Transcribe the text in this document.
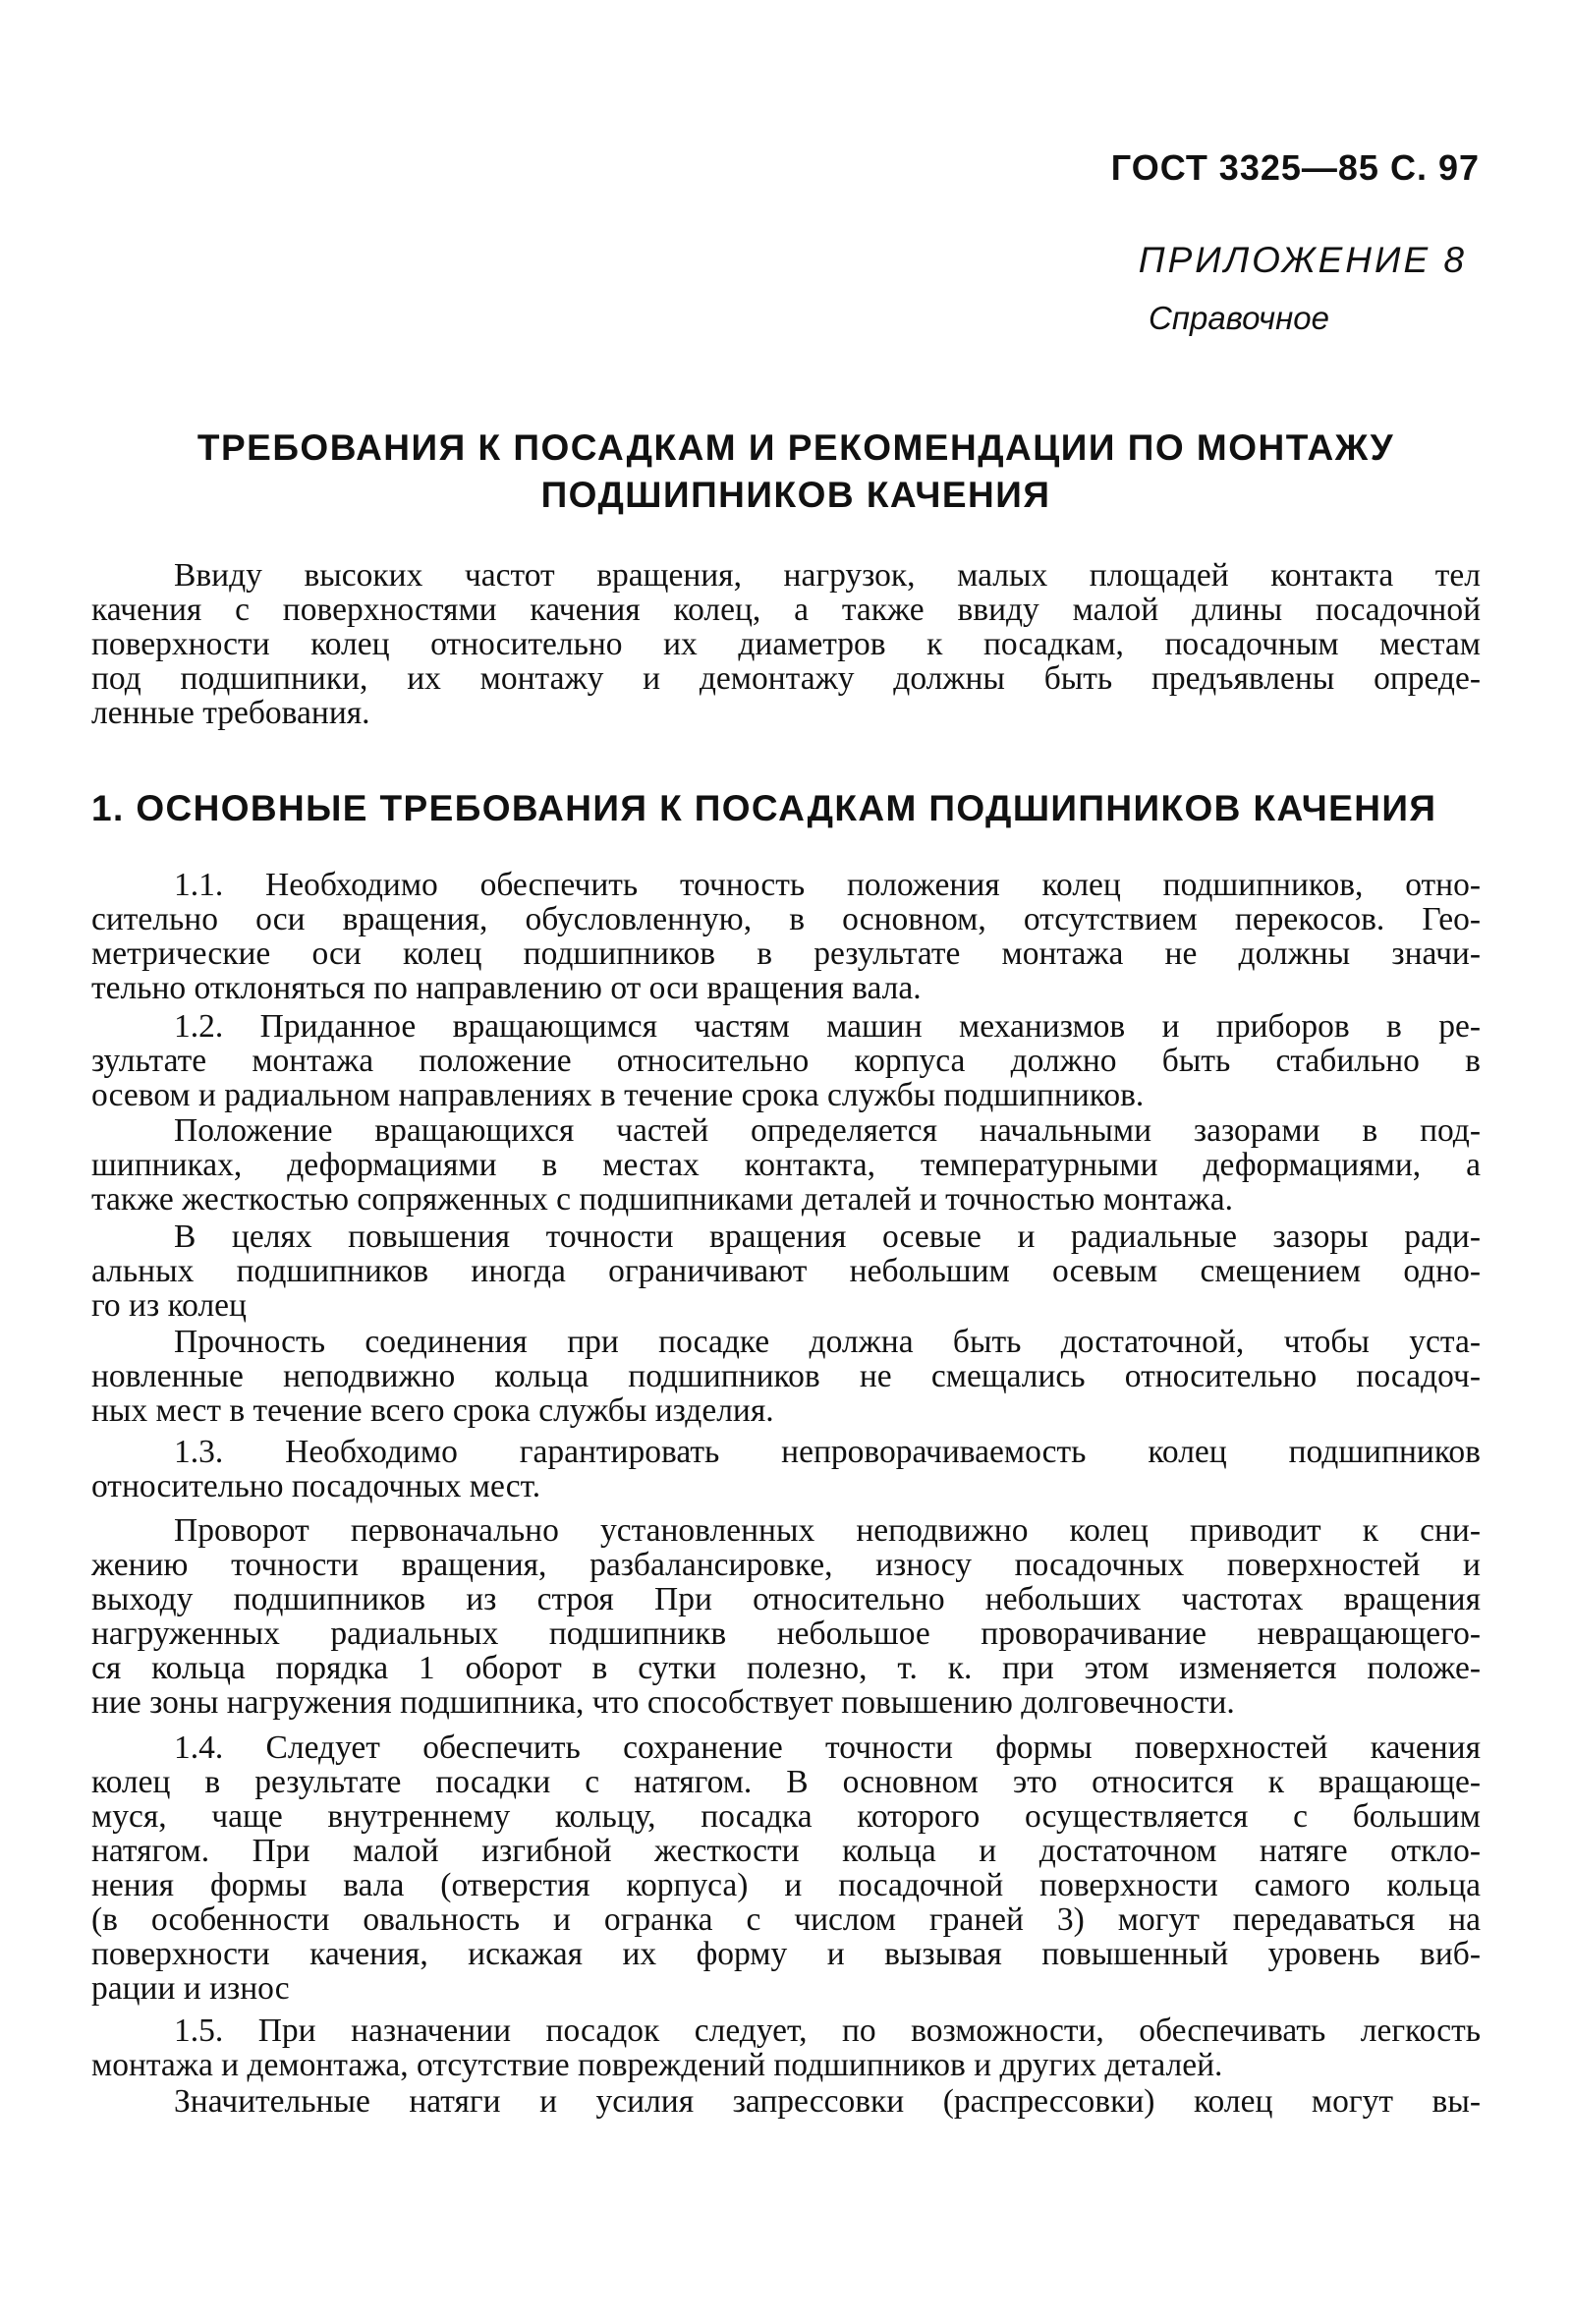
ГОСТ 3325—85 С. 97
ПРИЛОЖЕНИЕ 8
Справочное
ТРЕБОВАНИЯ К ПОСАДКАМ И РЕКОМЕНДАЦИИ ПО МОНТАЖУ
ПОДШИПНИКОВ КАЧЕНИЯ
Ввиду высоких частот вращения, нагрузок, малых площадей контакта тел
качения с поверхностями качения колец, а также ввиду малой длины посадочной
поверхности колец относительно их диаметров к посадкам, посадочным местам
под подшипники, их монтажу и демонтажу должны быть предъявлены опреде-
ленные требования.
1. ОСНОВНЫЕ ТРЕБОВАНИЯ К ПОСАДКАМ ПОДШИПНИКОВ КАЧЕНИЯ
1.1. Необходимо обеспечить точность положения колец подшипников, отно-
сительно оси вращения, обусловленную, в основном, отсутствием перекосов. Гео-
метрические оси колец подшипников в результате монтажа не должны значи-
тельно отклоняться по направлению от оси вращения вала.
1.2. Приданное вращающимся частям машин механизмов и приборов в ре-
зультате монтажа положение относительно корпуса должно быть стабильно в
осевом и радиальном направлениях в течение срока службы подшипников.
Положение вращающихся частей определяется начальными зазорами в под-
шипниках, деформациями в местах контакта, температурными деформациями, а
также жесткостью сопряженных с подшипниками деталей и точностью монтажа.
В целях повышения точности вращения осевые и радиальные зазоры ради-
альных подшипников иногда ограничивают небольшим осевым смещением одно-
го из колец
Прочность соединения при посадке должна быть достаточной, чтобы уста-
новленные неподвижно кольца подшипников не смещались относительно посадоч-
ных мест в течение всего срока службы изделия.
1.3. Необходимо гарантировать непроворачиваемость колец подшипников
относительно посадочных мест.
Проворот первоначально установленных неподвижно колец приводит к сни-
жению точности вращения, разбалансировке, износу посадочных поверхностей и
выходу подшипников из строя При относительно небольших частотах вращения
нагруженных радиальных подшипникв небольшое проворачивание невращающего-
ся кольца порядка 1 оборот в сутки полезно, т. к. при этом изменяется положе-
ние зоны нагружения подшипника, что способствует повышению долговечности.
1.4. Следует обеспечить сохранение точности формы поверхностей качения
колец в результате посадки с натягом. В основном это относится к вращающе-
муся, чаще внутреннему кольцу, посадка которого осуществляется с большим
натягом. При малой изгибной жесткости кольца и достаточном натяге откло-
нения формы вала (отверстия корпуса) и посадочной поверхности самого кольца
(в особенности овальность и огранка с числом граней 3) могут передаваться на
поверхности качения, искажая их форму и вызывая повышенный уровень виб-
рации и износ
1.5. При назначении посадок следует, по возможности, обеспечивать легкость
монтажа и демонтажа, отсутствие повреждений подшипников и других деталей.
Значительные натяги и усилия запрессовки (распрессовки) колец могут вы-
